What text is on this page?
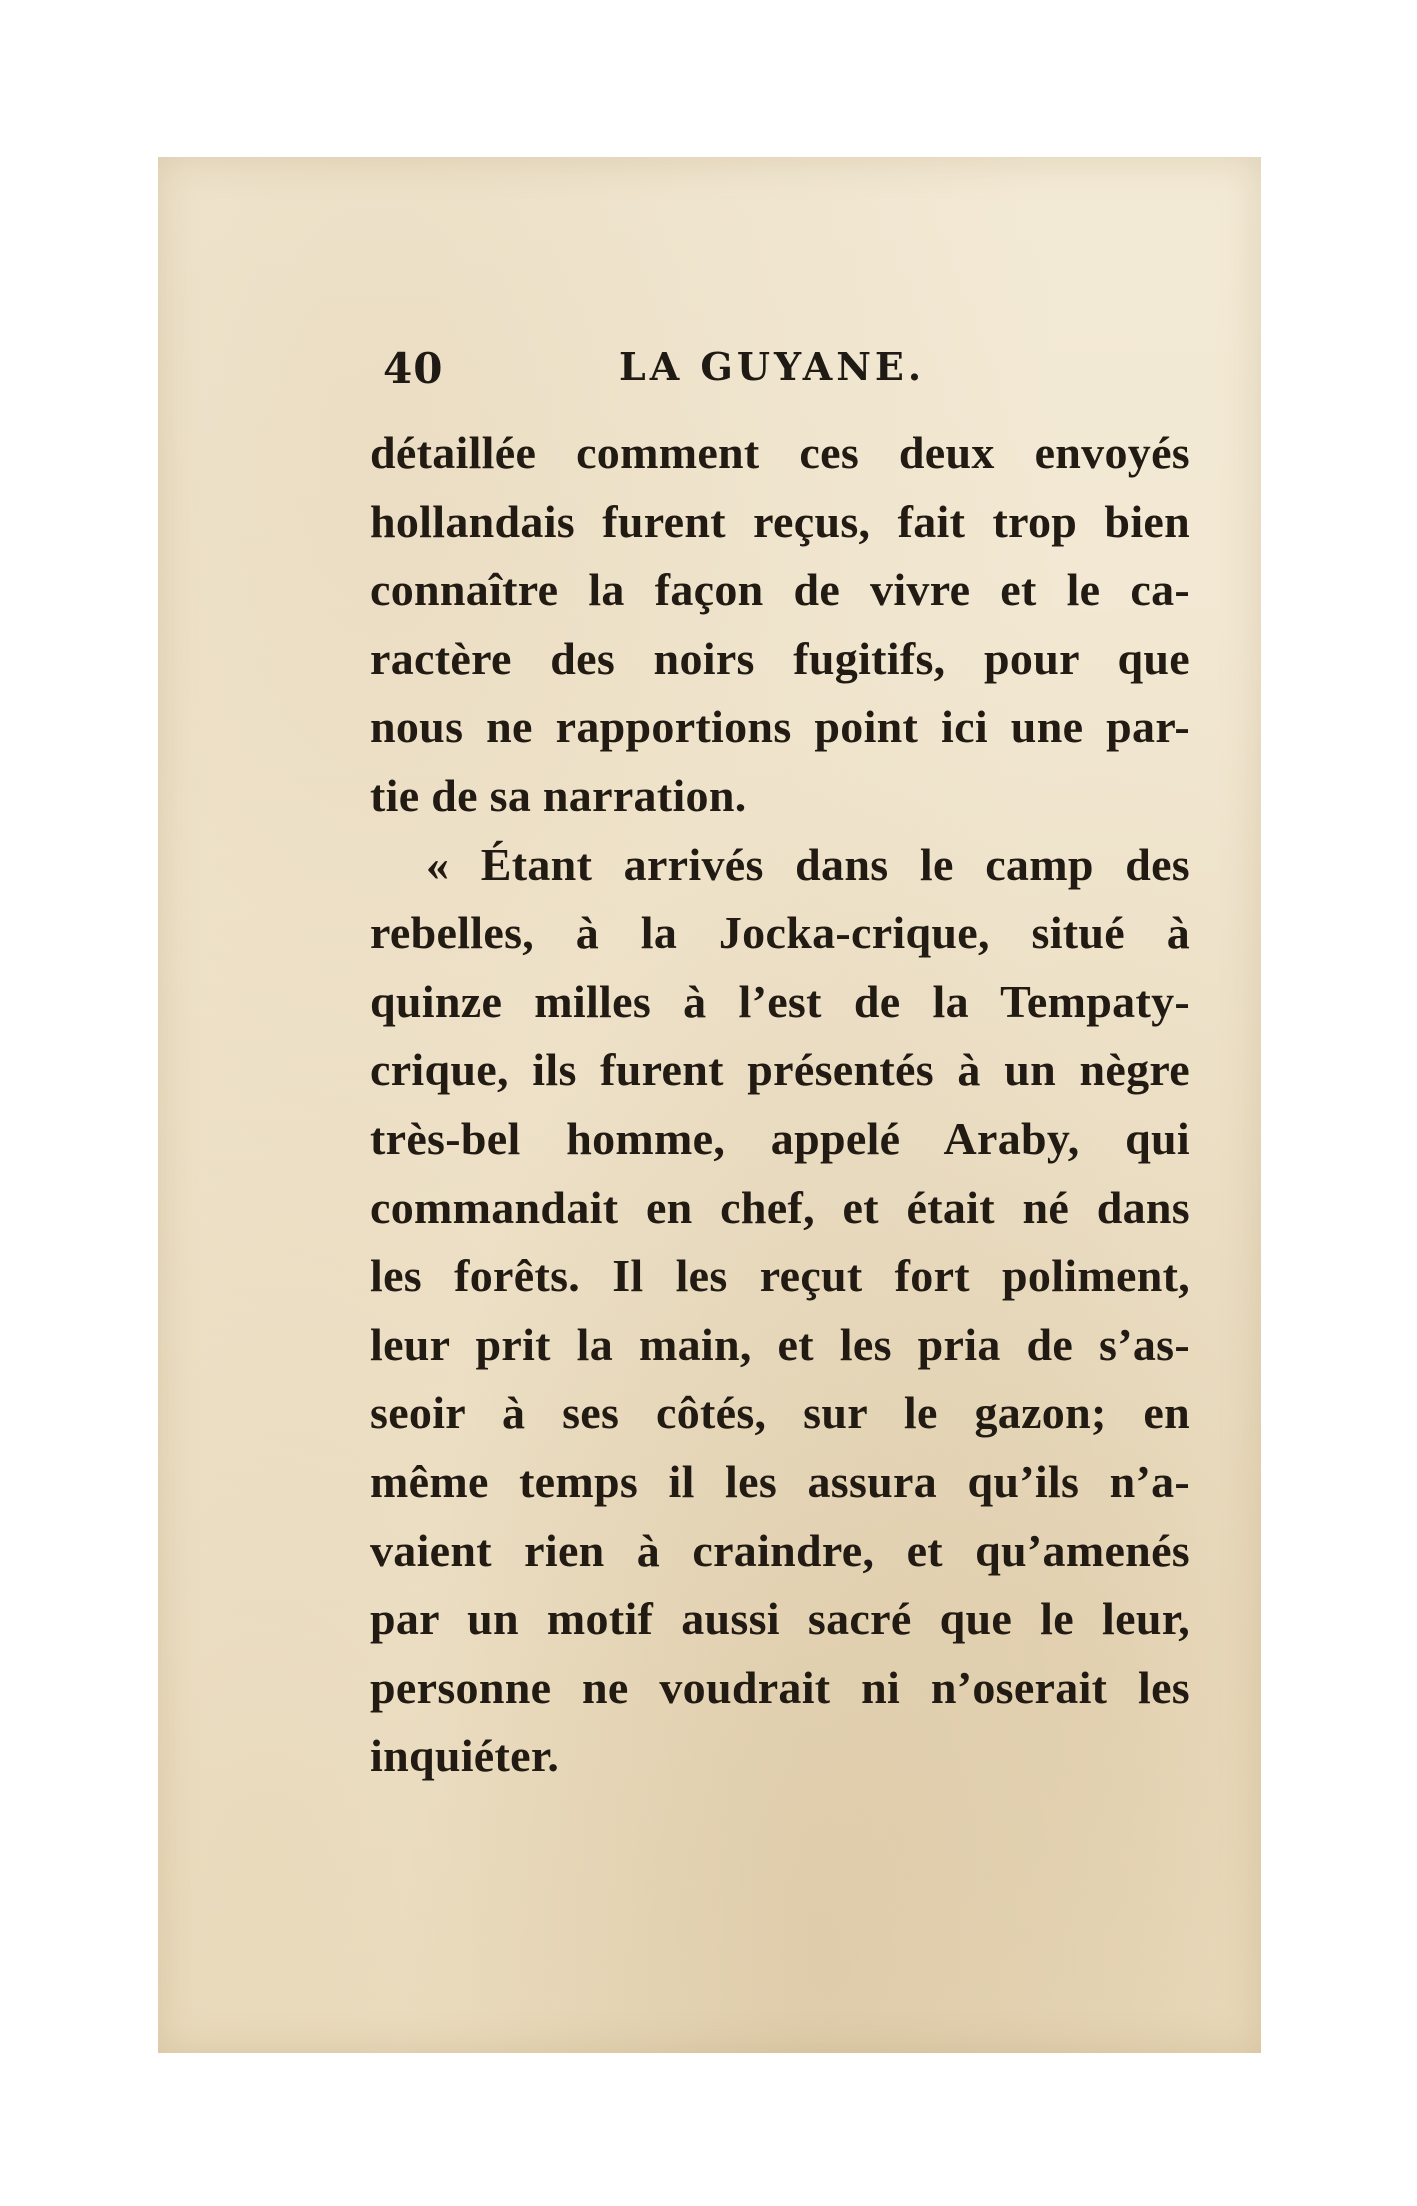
40	LA GUYANE.
détaillée comment ces deux envoyés
hollandais furent reçus, fait trop bien
connaître la façon de vivre et le ca-
ractère des noirs fugitifs, pour que
nous ne rapportions point ici une par-
tie de sa narration.
« Étant arrivés dans le camp des
rebelles, à la Jocka-crique, situé à
quinze milles à l’est de la Tempaty-
crique, ils furent présentés à un nègre
très-bel homme, appelé Araby, qui
commandait en chef, et était né dans
les forêts. Il les reçut fort poliment,
leur prit la main, et les pria de s’as-
seoir à ses côtés, sur le gazon; en
même temps il les assura qu’ils n’a-
vaient rien à craindre, et qu’amenés
par un motif aussi sacré que le leur,
personne ne voudrait ni n’oserait les
inquiéter.
